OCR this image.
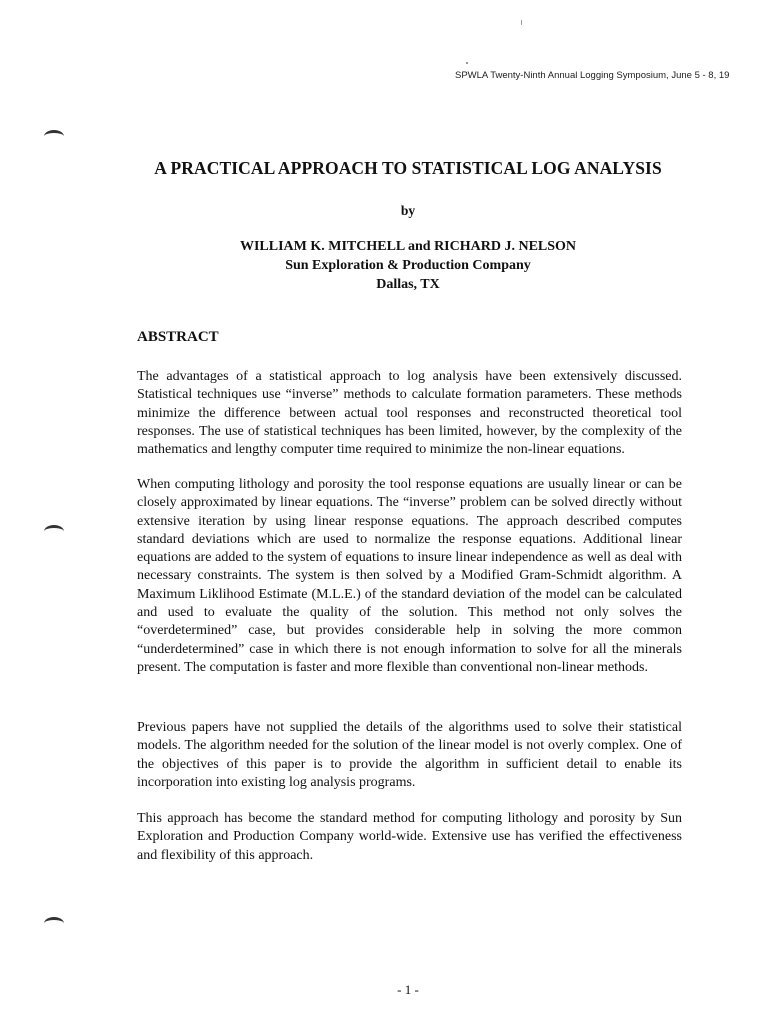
SPWLA Twenty-Ninth Annual Logging Symposium, June 5 - 8, 19
A PRACTICAL APPROACH TO STATISTICAL LOG ANALYSIS
by
WILLIAM K. MITCHELL and RICHARD J. NELSON
Sun Exploration & Production Company
Dallas, TX
ABSTRACT

The advantages of a statistical approach to log analysis have been extensively discussed. Statistical techniques use “inverse” methods to calculate formation parameters. These methods minimize the difference between actual tool responses and reconstructed theoretical tool responses. The use of statistical techniques has been limited, however, by the complexity of the mathematics and lengthy computer time required to minimize the non-linear equations.

When computing lithology and porosity the tool response equations are usually linear or can be closely approximated by linear equations. The “inverse” problem can be solved directly without extensive iteration by using linear response equations. The approach described computes standard deviations which are used to normalize the response equations. Additional linear equations are added to the system of equations to insure linear independence as well as deal with necessary constraints. The system is then solved by a Modified Gram-Schmidt algorithm. A Maximum Liklihood Estimate (M.L.E.) of the standard deviation of the model can be calculated and used to evaluate the quality of the solution. This method not only solves the “overdetermined” case, but provides considerable help in solving the more common “underdetermined” case in which there is not enough information to solve for all the minerals present. The computation is faster and more flexible than conventional non-linear methods.

Previous papers have not supplied the details of the algorithms used to solve their statistical models. The algorithm needed for the solution of the linear model is not overly complex. One of the objectives of this paper is to provide the algorithm in sufficient detail to enable its incorporation into existing log analysis programs.

This approach has become the standard method for computing lithology and porosity by Sun Exploration and Production Company world-wide. Extensive use has verified the effectiveness and flexibility of this approach.

- 1 -
